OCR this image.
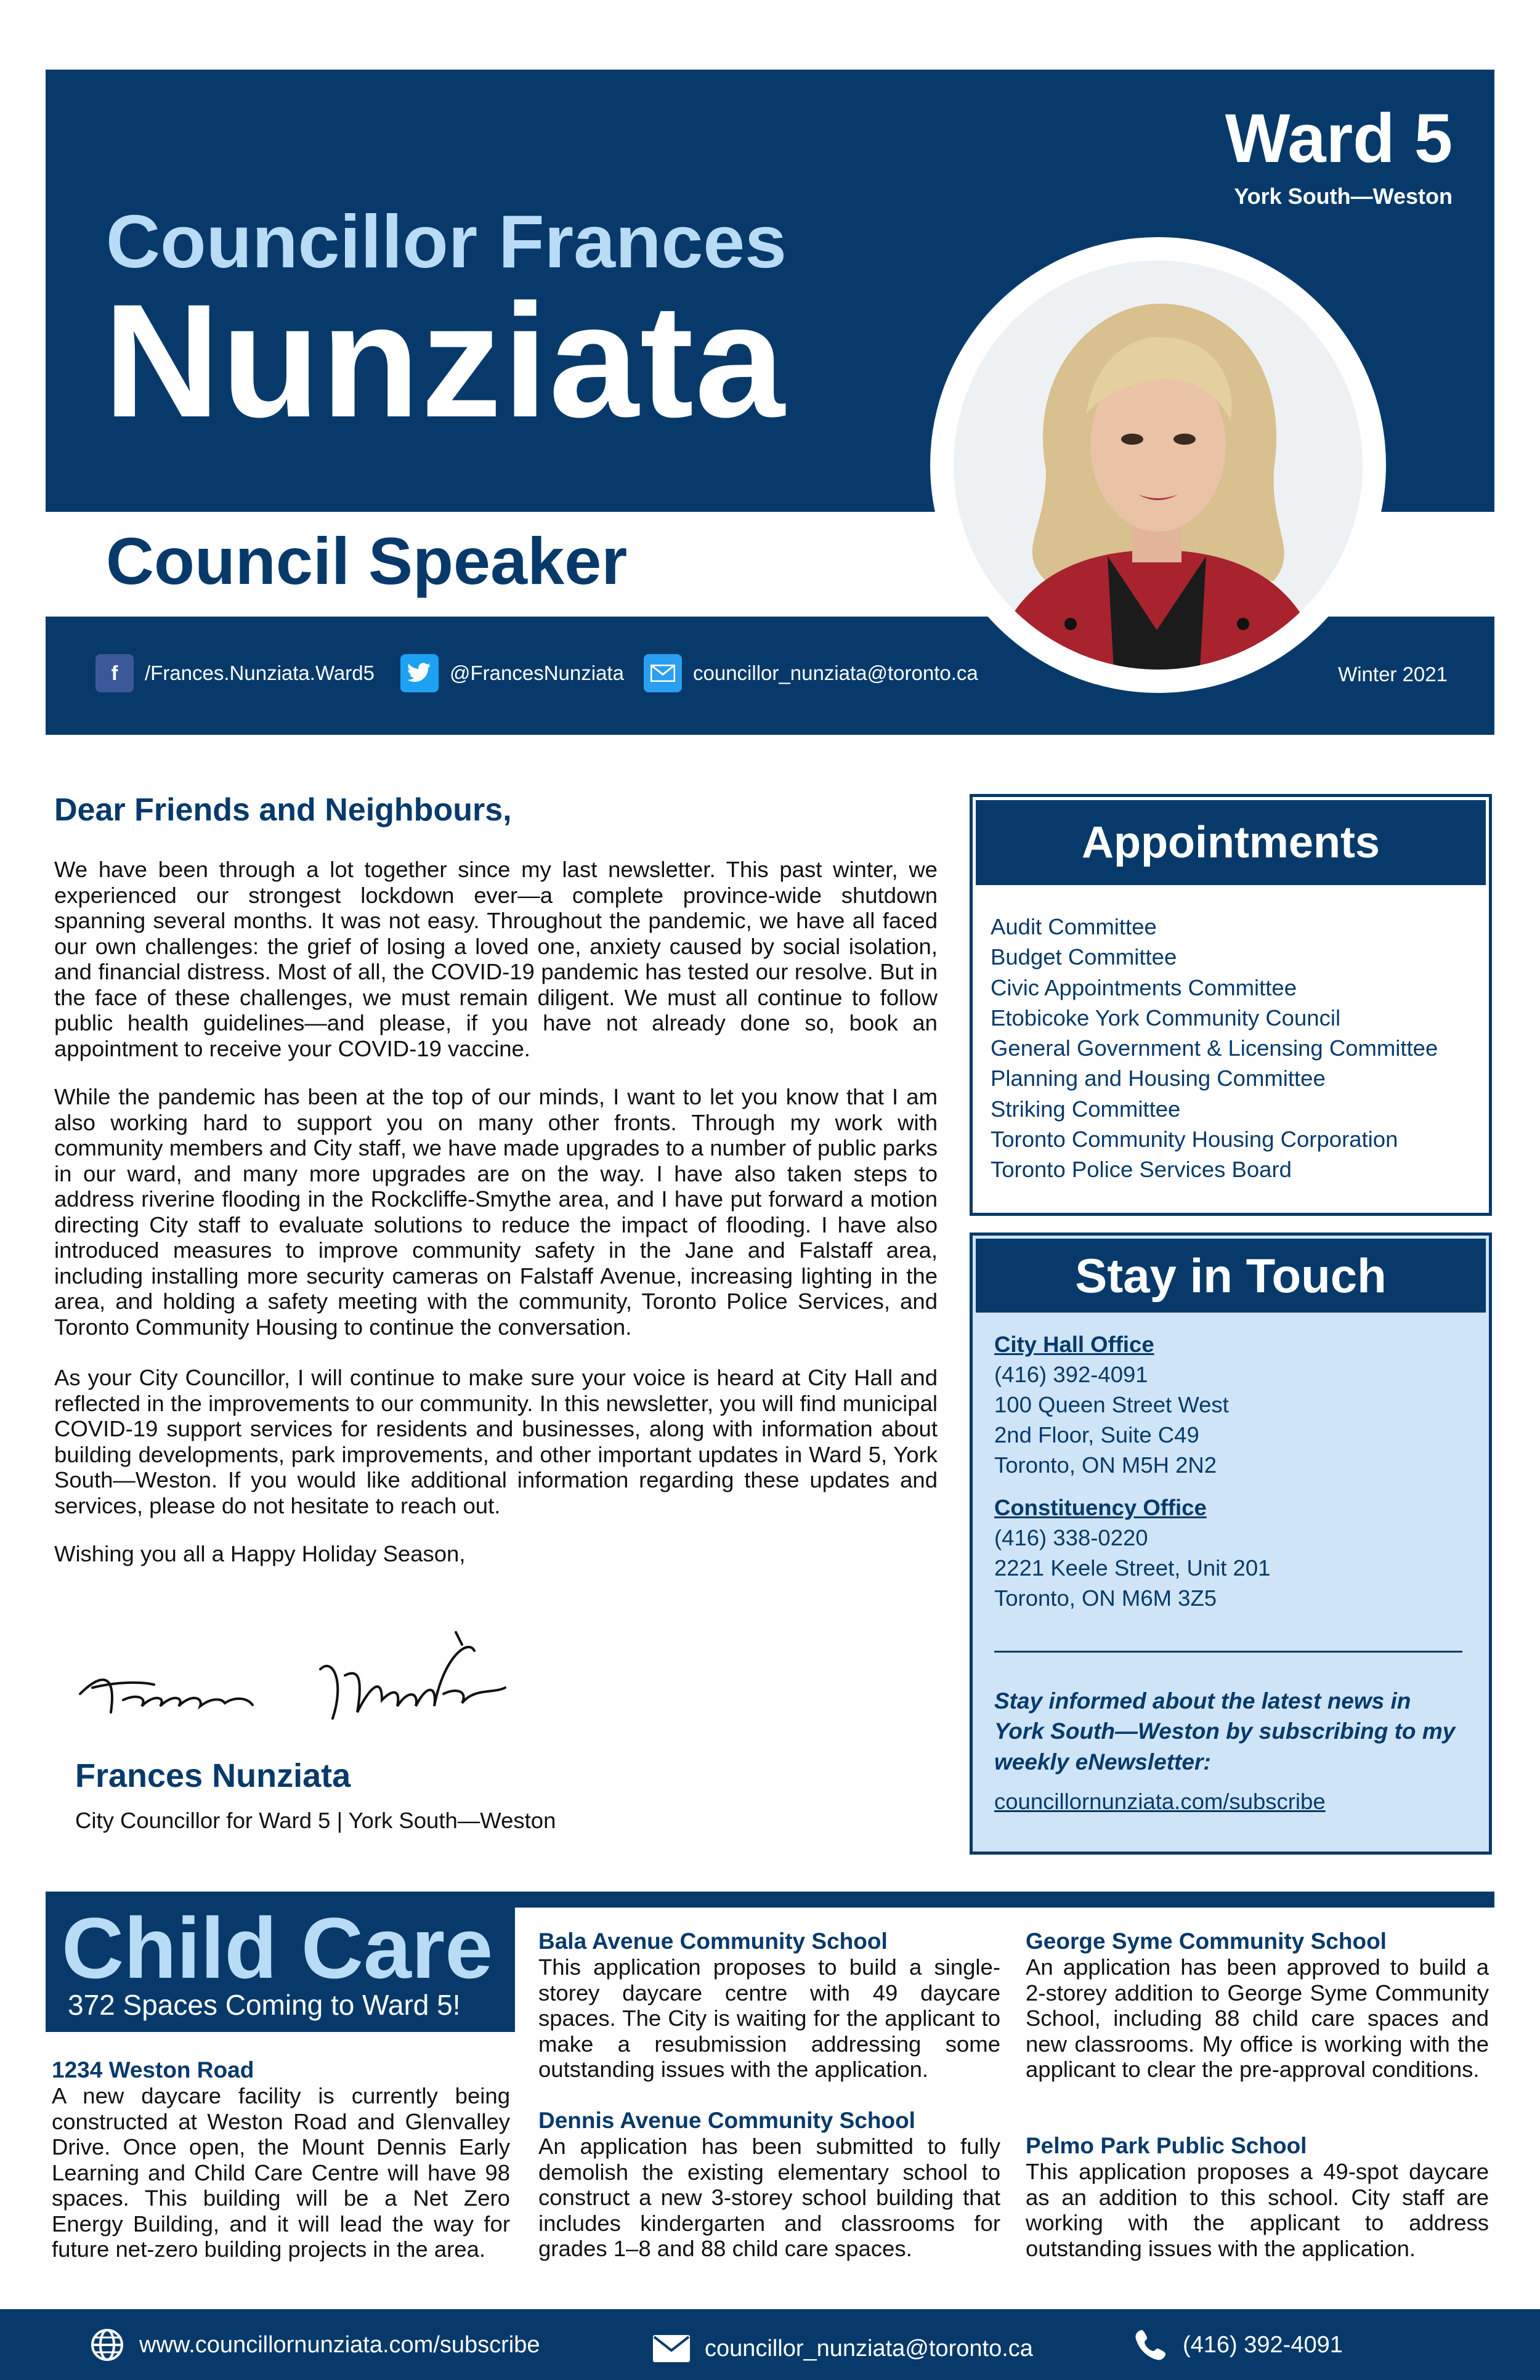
Ward 5
York South—Weston
Councillor Frances
Nunziata
Council Speaker
f	/Frances.Nunziata.Ward5	@FrancesNunziata	councillor_nunziata@toronto.ca	Winter 2021
Dear Friends and Neighbours,
We have been through a lot together since my last newsletter. This past winter, we experienced our strongest lockdown ever—a complete province-wide shutdown spanning several months. It was not easy. Throughout the pandemic, we have all faced our own challenges: the grief of losing a loved one, anxiety caused by social isolation, and financial distress. Most of all, the COVID-19 pandemic has tested our resolve. But in the face of these challenges, we must remain diligent. We must all continue to follow public health guidelines—and please, if you have not already done so, book an appointment to receive your COVID-19 vaccine.
While the pandemic has been at the top of our minds, I want to let you know that I am also working hard to support you on many other fronts. Through my work with community members and City staff, we have made upgrades to a number of public parks in our ward, and many more upgrades are on the way. I have also taken steps to address riverine flooding in the Rockcliffe-Smythe area, and I have put forward a motion directing City staff to evaluate solutions to reduce the impact of flooding. I have also introduced measures to improve community safety in the Jane and Falstaff area, including installing more security cameras on Falstaff Avenue, increasing lighting in the area, and holding a safety meeting with the community, Toronto Police Services, and Toronto Community Housing to continue the conversation.
As your City Councillor, I will continue to make sure your voice is heard at City Hall and reflected in the improvements to our community. In this newsletter, you will find municipal COVID-19 support services for residents and businesses, along with information about building developments, park improvements, and other important updates in Ward 5, York South—Weston. If you would like additional information regarding these updates and services, please do not hesitate to reach out.
Wishing you all a Happy Holiday Season,
Frances Nunziata
City Councillor for Ward 5 | York South—Weston
Appointments
Audit Committee
Budget Committee
Civic Appointments Committee
Etobicoke York Community Council
General Government & Licensing Committee
Planning and Housing Committee
Striking Committee
Toronto Community Housing Corporation
Toronto Police Services Board
Stay in Touch
City Hall Office
(416) 392-4091
100 Queen Street West
2nd Floor, Suite C49
Toronto, ON M5H 2N2
Constituency Office
(416) 338-0220
2221 Keele Street, Unit 201
Toronto, ON M6M 3Z5
Stay informed about the latest news in York South—Weston by subscribing to my weekly eNewsletter:
councillornunziata.com/subscribe
Child Care
372 Spaces Coming to Ward 5!
1234 Weston Road
A new daycare facility is currently being constructed at Weston Road and Glenvalley Drive. Once open, the Mount Dennis Early Learning and Child Care Centre will have 98 spaces. This building will be a Net Zero Energy Building, and it will lead the way for future net-zero building projects in the area.
Bala Avenue Community School
This application proposes to build a single-storey daycare centre with 49 daycare spaces. The City is waiting for the applicant to make a resubmission addressing some outstanding issues with the application.
Dennis Avenue Community School
An application has been submitted to fully demolish the existing elementary school to construct a new 3-storey school building that includes kindergarten and classrooms for grades 1–8 and 88 child care spaces.
George Syme Community School
An application has been approved to build a 2-storey addition to George Syme Community School, including 88 child care spaces and new classrooms. My office is working with the applicant to clear the pre-approval conditions.
Pelmo Park Public School
This application proposes a 49-spot daycare as an addition to this school. City staff are working with the applicant to address outstanding issues with the application.
www.councillornunziata.com/subscribe	councillor_nunziata@toronto.ca	(416) 392-4091
